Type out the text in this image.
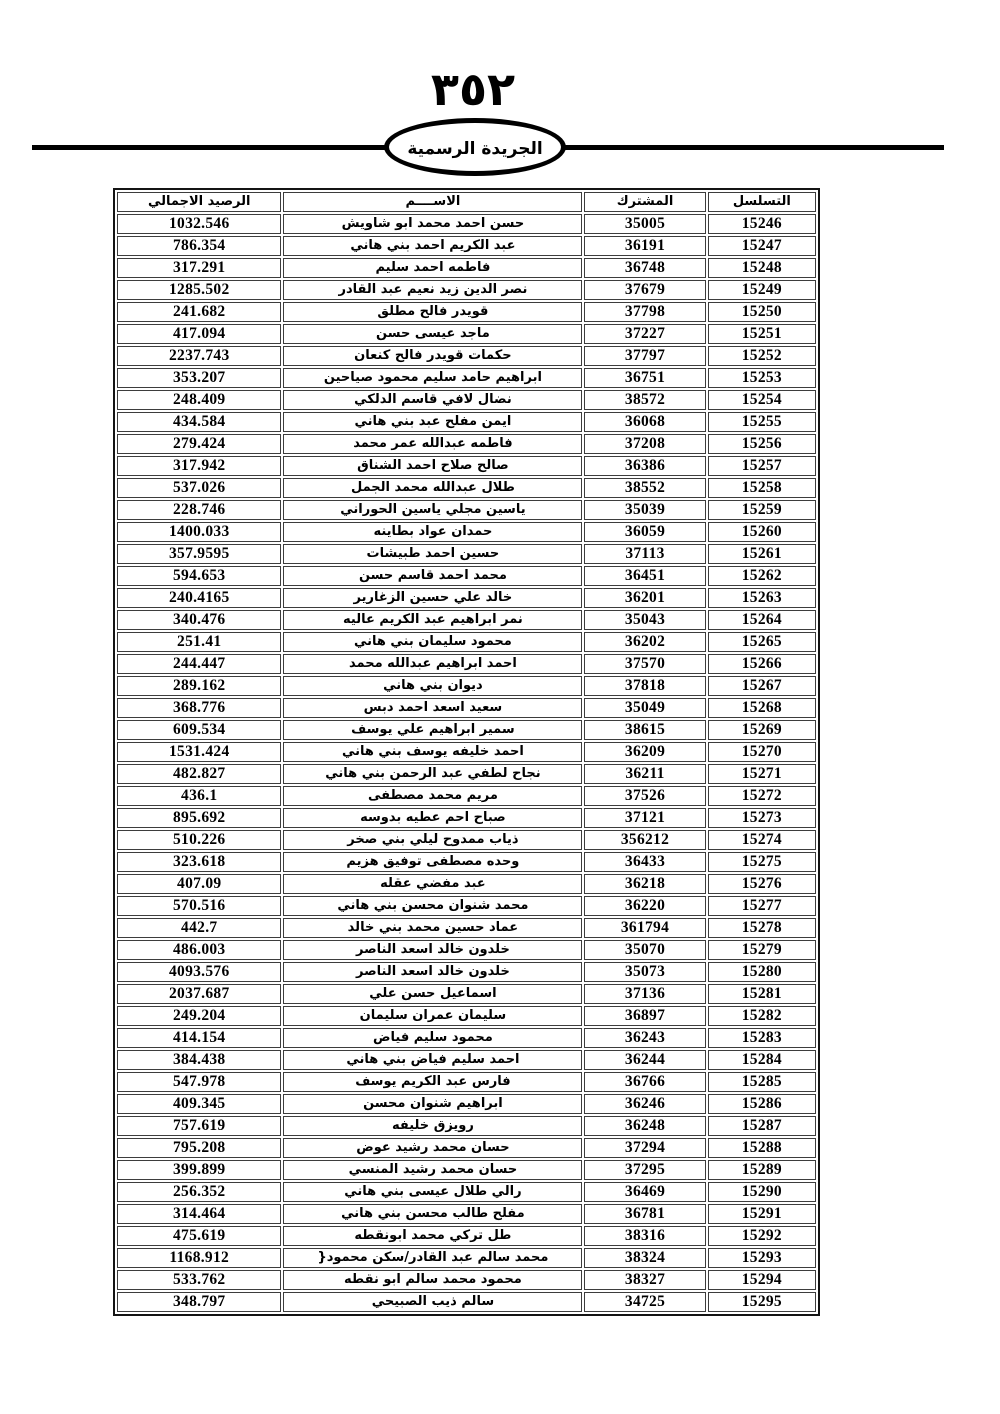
٣٥٢
الجريدة الرسمية
التسلسل	المشترك	الاســــم	الرصيد الاجمالي
15246	35005	حسن احمد محمد ابو شاويش	1032.546
15247	36191	عبد الكريم احمد بني هاني	786.354
15248	36748	فاطمه احمد سليم	317.291
15249	37679	نصر الدين زيد نعيم عبد القادر	1285.502
15250	37798	قويدر فالح مطلق	241.682
15251	37227	ماجد عيسى حسن	417.094
15252	37797	حكمات قويدر فالح كنعان	2237.743
15253	36751	ابراهيم حامد سليم محمود صياحين	353.207
15254	38572	نضال لافي قاسم الدلكي	248.409
15255	36068	ايمن مفلح عبد بني هاني	434.584
15256	37208	فاطمه عبدالله عمر محمد	279.424
15257	36386	صالح صلاح احمد الشناق	317.942
15258	38552	طلال عبدالله محمد الجمل	537.026
15259	35039	ياسين مجلي ياسين الحوراني	228.746
15260	36059	حمدان عواد بطاينه	1400.033
15261	37113	حسين احمد طبيشات	357.9595
15262	36451	محمد احمد قاسم حسن	594.653
15263	36201	خالد علي حسين الزغارير	240.4165
15264	35043	نمر ابراهيم عبد الكريم عاليه	340.476
15265	36202	محمود سليمان بني هاني	251.41
15266	37570	احمد ابراهيم عبدالله محمد	244.447
15267	37818	ديوان بني هاني	289.162
15268	35049	سعيد اسعد احمد دبس	368.776
15269	38615	سمير ابراهيم علي يوسف	609.534
15270	36209	احمد خليفه يوسف بني هاني	1531.424
15271	36211	نجاح لطفي عبد الرحمن بني هاني	482.827
15272	37526	مريم محمد مصطفى	436.1
15273	37121	صباح احم عطيه بدوسه	895.692
15274	356212	ذياب ممدوح ليلي بني صخر	510.226
15275	36433	وحده مصطفى توفيق هزيم	323.618
15276	36218	عبد مفضي عقله	407.09
15277	36220	محمد شنوان محسن بني هاني	570.516
15278	361794	عماد حسين محمد بني خالد	442.7
15279	35070	خلدون خالد اسعد الناصر	486.003
15280	35073	خلدون خالد اسعد الناصر	4093.576
15281	37136	اسماعيل حسن علي	2037.687
15282	36897	سليمان عمران سليمان	249.204
15283	36243	محمود سليم فياض	414.154
15284	36244	احمد سليم فياض بني هاني	384.438
15285	36766	فارس عبد الكريم يوسف	547.978
15286	36246	ابراهيم شنوان محسن	409.345
15287	36248	رويزق خليفه	757.619
15288	37294	حسان محمد رشيد عوض	795.208
15289	37295	حسان محمد رشيد المنسي	399.899
15290	36469	رالي طلال عيسى بني هاني	256.352
15291	36781	مفلح طالب محسن بني هاني	314.464
15292	38316	طل تركي محمد ابونقطه	475.619
15293	38324	محمد سالم عبد القادر/سكن محمود{	1168.912
15294	38327	محمود محمد سالم ابو نقطه	533.762
15295	34725	سالم ذيب الصبيحي	348.797
